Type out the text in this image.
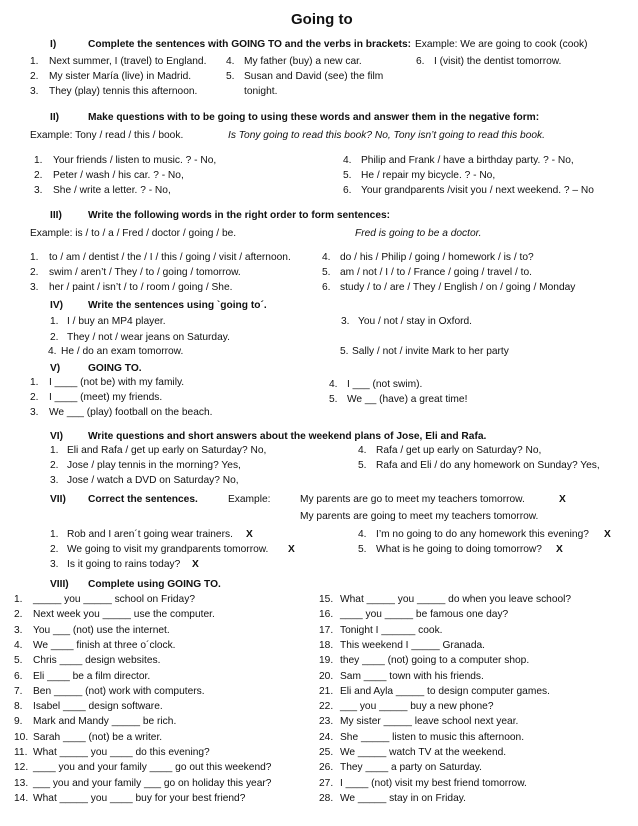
Going to
I)	Complete the sentences with GOING TO and the verbs in brackets: Example: We are going to cook (cook)
1. Next summer, I (travel) to England.
2. My sister María (live) in Madrid.
3. They (play) tennis this afternoon.
4. My father (buy) a new car.
5. Susan and David (see) the film
tonight.
6. I (visit) the dentist tomorrow.
II)	Make questions with to be going to using these words and answer them in the negative form:
Example: Tony / read / this / book.	Is Tony going to read this book? No, Tony isn’t going to read this book.
1. Your friends / listen to music. ? - No,
2. Peter / wash / his car. ? - No,
3. She / write a letter. ? - No,
4. Philip and Frank / have a birthday party. ? - No,
5. He / repair my bicycle. ? - No,
6. Your grandparents /visit you / next weekend. ? – No
III)	Write the following words in the right order to form sentences:
Example: is / to / a / Fred / doctor / going / be.	Fred is going to be a doctor.
1. to / am / dentist / the / I / this / going / visit / afternoon.
2. swim / aren’t / They / to / going / tomorrow.
3. her / paint / isn’t / to / room / going / She.
4. do / his / Philip / going / homework / is / to?
5. am / not / I / to / France / going / travel / to.
6. study / to / are / They / English / on / going / Monday
IV) Write the sentences using `going to´.
1. I / buy an MP4 player.
2. They / not / wear jeans on Saturday.
4. He / do an exam tomorrow.
3. You / not / stay in Oxford.
5. Sally / not / invite Mark to her party
V)	GOING TO.
1. I ____ (not be) with my family.
2. I ____ (meet) my friends.
3. We ___ (play) football on the beach.
4. I ___ (not swim).
5. We __ (have) a great time!
VI) Write questions and short answers about the weekend plans of Jose, Eli and Rafa.
1. Eli and Rafa / get up early on Saturday? No,
2. Jose / play tennis in the morning? Yes,
3. Jose / watch a DVD on Saturday? No,
4. Rafa / get up early on Saturday? No,
5. Rafa and Eli / do any homework on Sunday? Yes,
VII) Correct the sentences.	Example:	My parents are go to meet my teachers tomorrow.	X
My parents are going to meet my teachers tomorrow.
1. Rob and I aren´t going wear trainers. X
2. We going to visit my grandparents tomorrow. X
3. Is it going to rains today? X
4. I’m no going to do any homework this evening? X
5. What is he going to doing tomorrow? X
VIII) Complete using GOING TO.
1. _____ you _____ school on Friday?
2. Next week you _____ use the computer.
3. You ___ (not) use the internet.
4. We ____ finish at three o´clock.
5. Chris ____ design websites.
6. Eli ____ be a film director.
7. Ben _____ (not) work with computers.
8. Isabel ____ design software.
9. Mark and Mandy _____ be rich.
10. Sarah ____ (not) be a writer.
11. What _____ you ____ do this evening?
12. ____ you and your family ____ go out this weekend?
13. ___ you and your family ___ go on holiday this year?
14. What _____ you ____ buy for your best friend?
15. What _____ you _____ do when you leave school?
16. ____ you _____ be famous one day?
17. Tonight I ______ cook.
18. This weekend I _____ Granada.
19. they ____ (not) going to a computer shop.
20. Sam ____ town with his friends.
21. Eli and Ayla _____ to design computer games.
22. ___ you _____ buy a new phone?
23. My sister _____ leave school next year.
24. She _____ listen to music this afternoon.
25. We _____ watch TV at the weekend.
26. They ____ a party on Saturday.
27. I ____ (not) visit my best friend tomorrow.
28. We _____ stay in on Friday.
